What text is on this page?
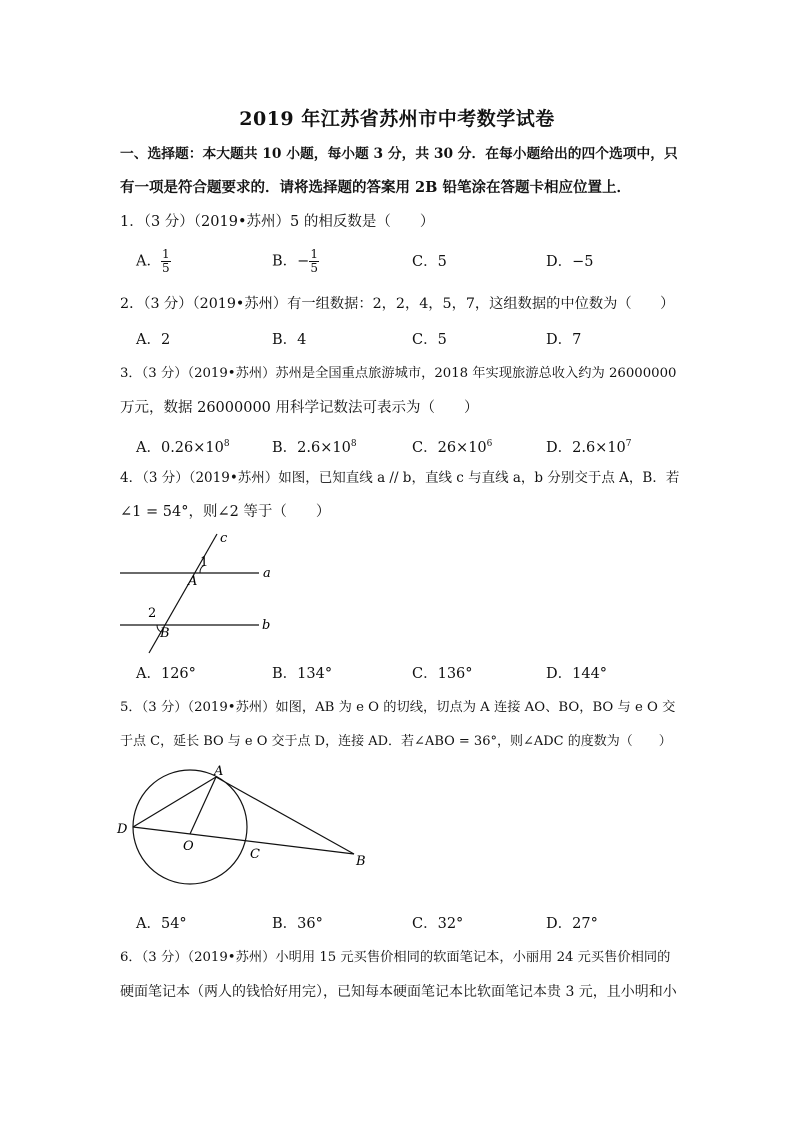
2019 年江苏省苏州市中考数学试卷
一、选择题：本大题共 10 小题，每小题 3 分，共 30 分．在每小题给出的四个选项中，只
有一项是符合题要求的．请将选择题的答案用 2B 铅笔涂在答题卡相应位置上．
1．（3 分）（2019•苏州）5 的相反数是（　　）
A． $\frac{1}{5}$	B．− $\frac{1}{5}$	C．5	D．−5
2．（3 分）（2019•苏州）有一组数据：2，2，4，5，7，这组数据的中位数为（　　）
A．2	B．4	C．5	D．7
3．（3 分）（2019•苏州）苏州是全国重点旅游城市，2018 年实现旅游总收入约为 26000000
万元，数据 26000000 用科学记数法可表示为（　　）
A．$0.26\times 10^8$	B．$2.6\times 10^8$	C．$26\times 10^6$	D．$2.6\times 10^7$
4．（3 分）（2019•苏州）如图，已知直线 a // b，直线 c 与直线 a，b 分别交于点 A，B．若
∠1 = 54°，则∠2 等于（　　）
c
1
A
a
2
B
b
A．126°	B．134°	C．136°	D．144°
5．（3 分）（2019•苏州）如图，AB 为 e O 的切线，切点为 A 连接 AO、BO，BO 与 e O 交
于点 C，延长 BO 与 e O 交于点 D，连接 AD．若∠ABO = 36°，则∠ADC 的度数为（　　）
A
D
O
C	B
A．54°	B．36°	C．32°	D．27°
6．（3 分）（2019•苏州）小明用 15 元买售价相同的软面笔记本，小丽用 24 元买售价相同的
硬面笔记本（两人的钱恰好用完），已知每本硬面笔记本比软面笔记本贵 3 元，且小明和小
